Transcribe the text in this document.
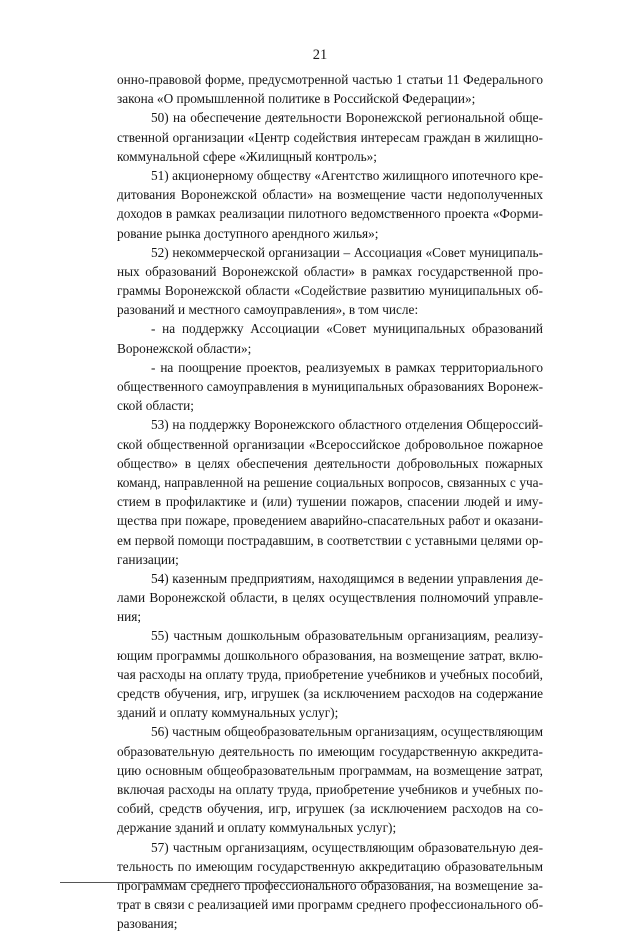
21
онно-правовой форме, предусмотренной частью 1 статьи 11 Федерального
закона «О промышленной политике в Российской Федерации»;
50) на обеспечение деятельности Воронежской региональной обще-
ственной организации «Центр содействия интересам граждан в жилищно-
коммунальной сфере «Жилищный контроль»;
51) акционерному обществу «Агентство жилищного ипотечного кре-
дитования Воронежской области» на возмещение части недополученных
доходов в рамках реализации пилотного ведомственного проекта «Форми-
рование рынка доступного арендного жилья»;
52) некоммерческой организации – Ассоциация «Совет муниципаль-
ных образований Воронежской области» в рамках государственной про-
граммы Воронежской области «Содействие развитию муниципальных об-
разований и местного самоуправления», в том числе:
- на поддержку Ассоциации «Совет муниципальных образований
Воронежской области»;
- на поощрение проектов, реализуемых в рамках территориального
общественного самоуправления в муниципальных образованиях Воронеж-
ской области;
53) на поддержку Воронежского областного отделения Общероссий-
ской общественной организации «Всероссийское добровольное пожарное
общество» в целях обеспечения деятельности добровольных пожарных
команд, направленной на решение социальных вопросов, связанных с уча-
стием в профилактике и (или) тушении пожаров, спасении людей и иму-
щества при пожаре, проведением аварийно-спасательных работ и оказани-
ем первой помощи пострадавшим, в соответствии с уставными целями ор-
ганизации;
54) казенным предприятиям, находящимся в ведении управления де-
лами Воронежской области, в целях осуществления полномочий управле-
ния;
55) частным дошкольным образовательным организациям, реализу-
ющим программы дошкольного образования, на возмещение затрат, вклю-
чая расходы на оплату труда, приобретение учебников и учебных пособий,
средств обучения, игр, игрушек (за исключением расходов на содержание
зданий и оплату коммунальных услуг);
56) частным общеобразовательным организациям, осуществляющим
образовательную деятельность по имеющим государственную аккредита-
цию основным общеобразовательным программам, на возмещение затрат,
включая расходы на оплату труда, приобретение учебников и учебных по-
собий, средств обучения, игр, игрушек (за исключением расходов на со-
держание зданий и оплату коммунальных услуг);
57) частным организациям, осуществляющим образовательную дея-
тельность по имеющим государственную аккредитацию образовательным
программам среднего профессионального образования, на возмещение за-
трат в связи с реализацией ими программ среднего профессионального об-
разования;
